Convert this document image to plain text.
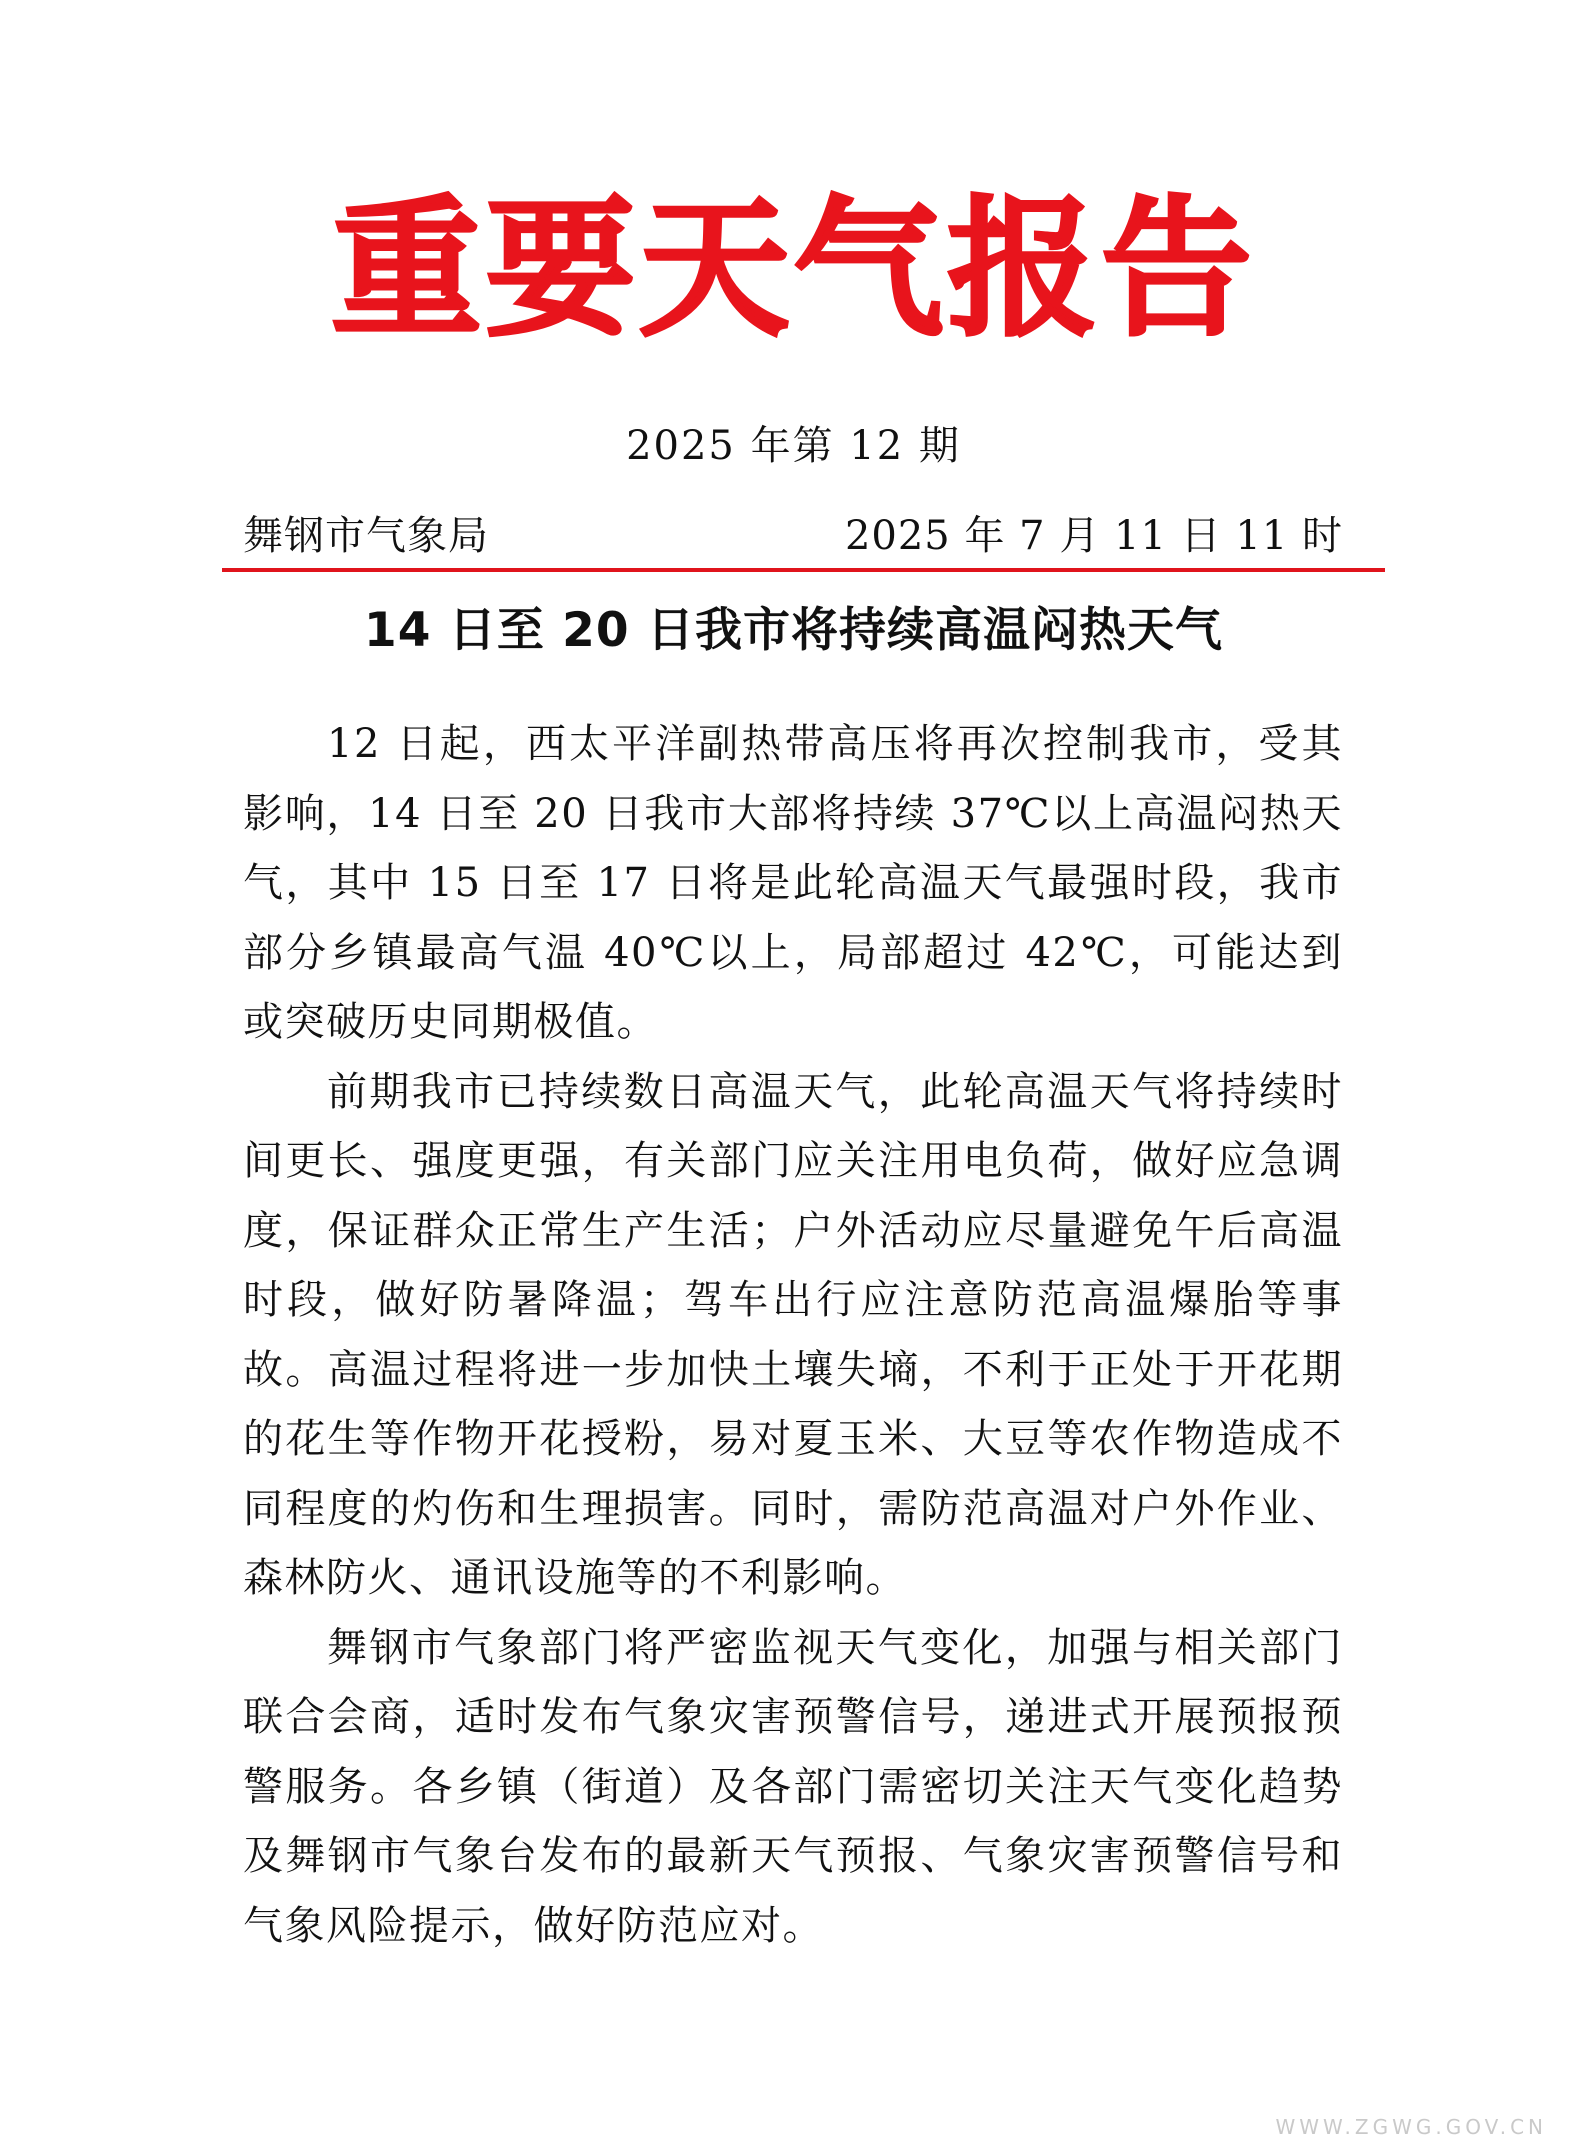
重要天气报告
2025 年第 12 期
舞钢市气象局	2025 年 7 月 11 日 11 时
14 日至 20 日我市将持续高温闷热天气

12 日起，西太平洋副热带高压将再次控制我市，受其影响，14 日至 20 日我市大部将持续 37℃以上高温闷热天气，其中 15 日至 17 日将是此轮高温天气最强时段，我市部分乡镇最高气温 40℃以上，局部超过 42℃，可能达到或突破历史同期极值。

前期我市已持续数日高温天气，此轮高温天气将持续时间更长、强度更强，有关部门应关注用电负荷，做好应急调度，保证群众正常生产生活；户外活动应尽量避免午后高温时段，做好防暑降温；驾车出行应注意防范高温爆胎等事故。高温过程将进一步加快土壤失墒，不利于正处于开花期的花生等作物开花授粉，易对夏玉米、大豆等农作物造成不同程度的灼伤和生理损害。同时，需防范高温对户外作业、森林防火、通讯设施等的不利影响。

舞钢市气象部门将严密监视天气变化，加强与相关部门联合会商，适时发布气象灾害预警信号，递进式开展预报预警服务。各乡镇（街道）及各部门需密切关注天气变化趋势及舞钢市气象台发布的最新天气预报、气象灾害预警信号和气象风险提示，做好防范应对。

WWW.ZGWG.GOV.CN
